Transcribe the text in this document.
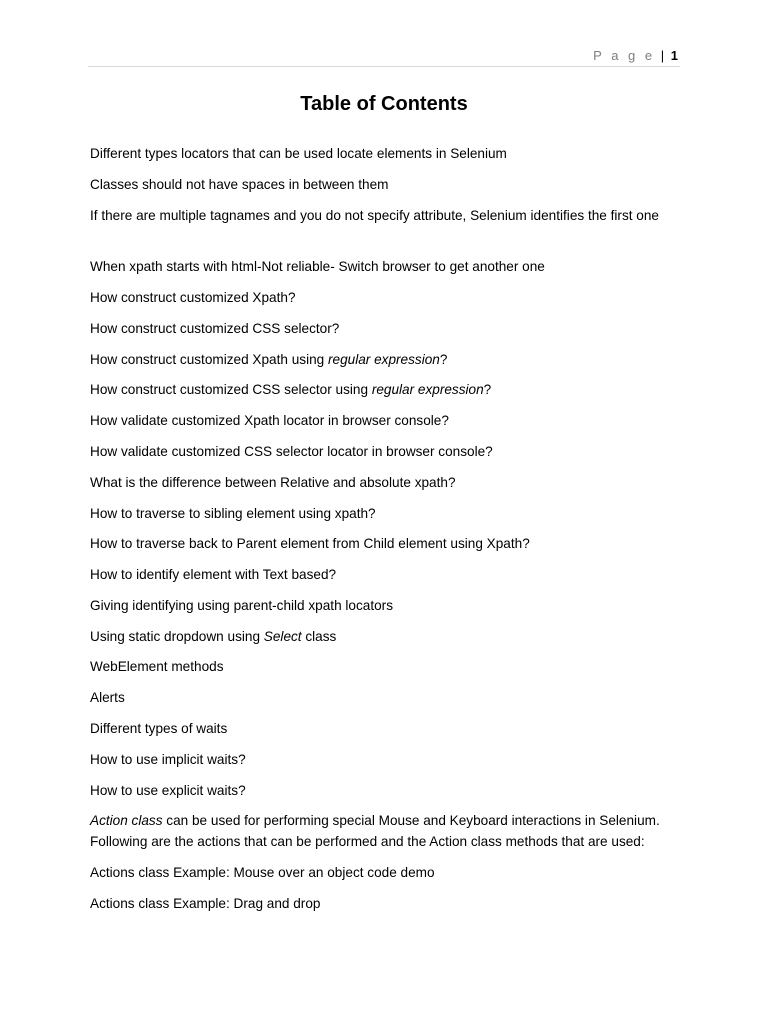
P a g e | 1
Table of Contents
Different types locators that can be used locate elements in Selenium
Classes should not have spaces in between them
If there are multiple tagnames and you do not specify attribute, Selenium identifies the first one
When xpath starts with html-Not reliable- Switch browser to get another one
How construct customized Xpath?
How construct customized CSS selector?
How construct customized Xpath using regular expression?
How construct customized CSS selector using regular expression?
How validate customized Xpath locator in browser console?
How validate customized CSS selector locator in browser console?
What is the difference between Relative and absolute xpath?
How to traverse to sibling element using xpath?
How to traverse back to Parent element from Child element using Xpath?
How to identify element with Text based?
Giving identifying using parent-child xpath locators
Using static dropdown using Select class
WebElement methods
Alerts
Different types of waits
How to use implicit waits?
How to use explicit waits?
Action class can be used for performing special Mouse and Keyboard interactions in Selenium. Following are the actions that can be performed and the Action class methods that are used:
Actions class Example: Mouse over an object code demo
Actions class Example: Drag and drop
